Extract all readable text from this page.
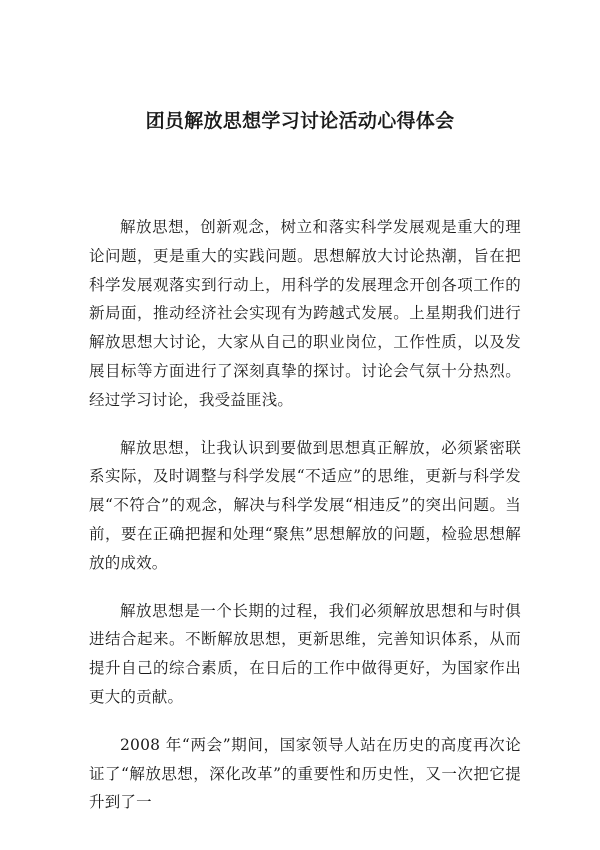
团员解放思想学习讨论活动心得体会

解放思想，创新观念，树立和落实科学发展观是重大的理论问题，更是重大的实践问题。思想解放大讨论热潮，旨在把科学发展观落实到行动上，用科学的发展理念开创各项工作的新局面，推动经济社会实现有为跨越式发展。上星期我们进行解放思想大讨论，大家从自己的职业岗位，工作性质，以及发展目标等方面进行了深刻真挚的探讨。讨论会气氛十分热烈。经过学习讨论，我受益匪浅。

解放思想，让我认识到要做到思想真正解放，必须紧密联系实际，及时调整与科学发展“不适应”的思维，更新与科学发展“不符合”的观念，解决与科学发展“相违反”的突出问题。当前，要在正确把握和处理“聚焦”思想解放的问题，检验思想解放的成效。

解放思想是一个长期的过程，我们必须解放思想和与时俱进结合起来。不断解放思想，更新思维，完善知识体系，从而提升自己的综合素质，在日后的工作中做得更好，为国家作出更大的贡献。

2008 年“两会”期间，国家领导人站在历史的高度再次论证了“解放思想，深化改革”的重要性和历史性，又一次把它提升到了一
